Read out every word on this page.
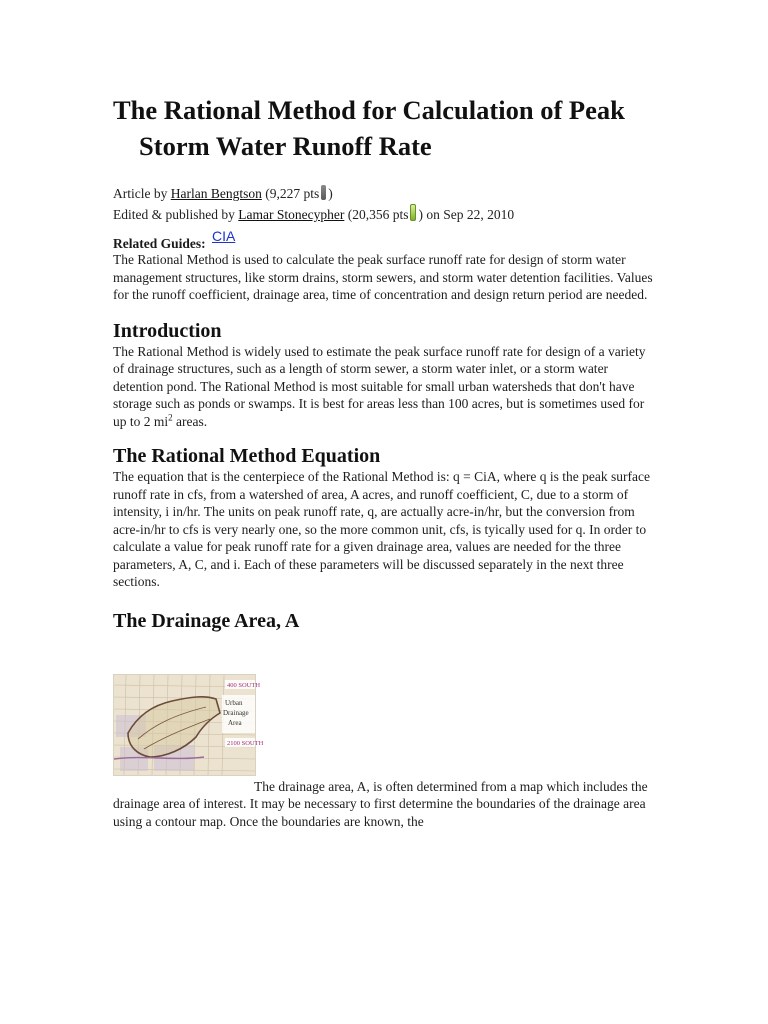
The Rational Method for Calculation of Peak Storm Water Runoff Rate
Article by Harlan Bengtson (9,227 pts )
Edited & published by Lamar Stonecypher (20,356 pts ) on Sep 22, 2010
Related Guides: CIA

The Rational Method is used to calculate the peak surface runoff rate for design of storm water management structures, like storm drains, storm sewers, and storm water detention facilities. Values for the runoff coefficient, drainage area, time of concentration and design return period are needed.

Introduction

The Rational Method is widely used to estimate the peak surface runoff rate for design of a variety of drainage structures, such as a length of storm sewer, a storm water inlet, or a storm water detention pond. The Rational Method is most suitable for small urban watersheds that don't have storage such as ponds or swamps. It is best for areas less than 100 acres, but is sometimes used for up to 2 $mi^2$ areas.

The Rational Method Equation

The equation that is the centerpiece of the Rational Method is: q = CiA, where q is the peak surface runoff rate in cfs, from a watershed of area, A acres, and runoff coefficient, C, due to a storm of intensity, i in/hr. The units on peak runoff rate, q, are actually acre-in/hr, but the conversion from acre-in/hr to cfs is very nearly one, so the more common unit, cfs, is tyically used for q. In order to calculate a value for peak runoff rate for a given drainage area, values are needed for the three parameters, A, C, and i. Each of these parameters will be discussed separately in the next three sections.

The Drainage Area, A
400 SOUTH
Urban
Drainage
Area
2100 SOUTH

The drainage area, A, is often determined from a map which includes the drainage area of interest. It may be necessary to first determine the boundaries of the drainage area using a contour map. Once the boundaries are known, the
